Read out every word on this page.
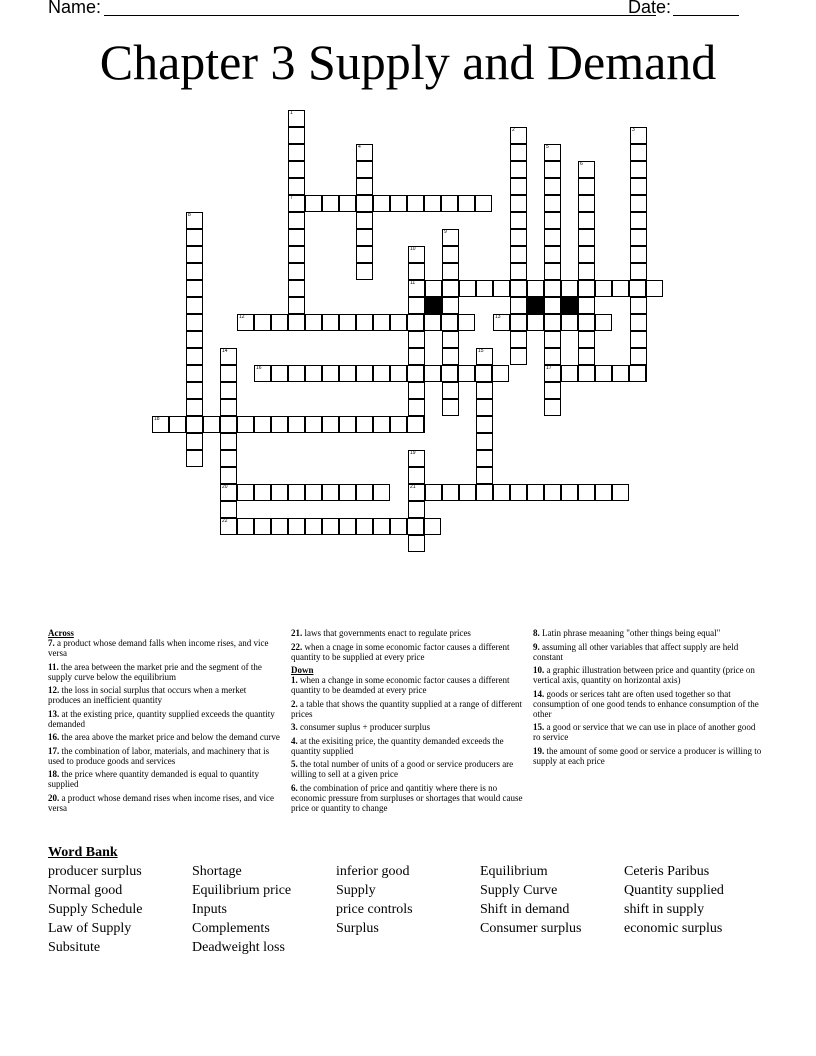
Name:	Date:
Chapter 3 Supply and Demand
1
7
2	3
4	5
17
6
8
9
10
11
12	13
14
20
22
15
16
18
19
21
Across
7. a product whose demand falls when income rises, and vice versa
11. the area between the market prie and the segment of the supply curve below the equilibrium
12. the loss in social surplus that occurs when a merket produces an inefficient quantity
13. at the existing price, quantity supplied exceeds the quantity demanded
16. the area above the market price and below the demand curve
17. the combination of labor, materials, and machinery that is used to produce goods and services
18. the price where quantity demanded is equal to quantity supplied
20. a product whose demand rises when income rises, and vice versa
21. laws that governments enact to regulate prices
22. when a cnage in some economic factor causes a different quantity to be supplied at every price
Down
1. when a change in some economic factor causes a different quantity to be deamded at every price
2. a table that shows the quantity supplied at a range of different prices
3. consumer suplus + producer surplus
4. at the exisiting price, the quantity demanded exceeds the quantity supplied
5. the total number of units of a good or service producers are willing to sell at a given price
6. the combination of price and qantitiy where there is no economic pressure from surpluses or shortages that would cause price or quantity to change
8. Latin phrase meaaning "other things being equal"
9. assuming all other variables that affect supply are held constant
10. a graphic illustration between price and quantity (price on vertical axis, quantity on horizontal axis)
14. goods or serices taht are often used together so that consumption of one good tends to enhance consumption of the other
15. a good or service that we can use in place of another good ro service
19. the amount of some good or service a producer is willing to supply at each price
Word Bank
producer surplus	Shortage	inferior good	Equilibrium	Ceteris Paribus
Normal good	Equilibrium price	Supply	Supply Curve	Quantity supplied
Supply Schedule	Inputs	price controls	Shift in demand	shift in supply
Law of Supply	Complements	Surplus	Consumer surplus	economic surplus
Subsitute	Deadweight loss
